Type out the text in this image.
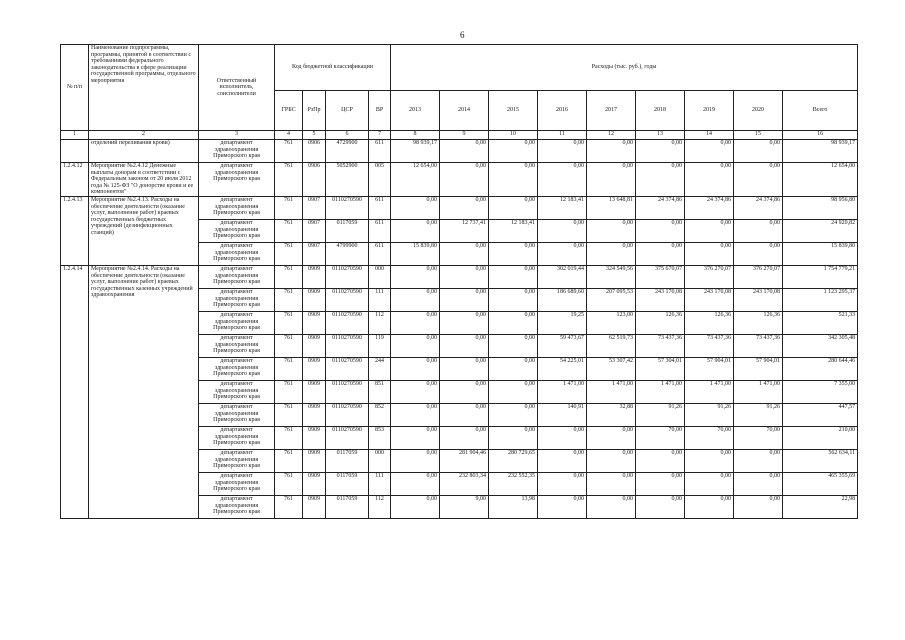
6
№ п/п	Наименование подпрограммы, программы, принятой в соответствии с требованиями федерального законодательства в сфере реализации государственной программы, отдельного мероприятия	Ответственный исполнитель, соисполнители	Код бюджетной классификации				Расходы (тыс. руб.), годы								
			ГРБС	РзПр	ЦСР	ВР	2013	2014	2015	2016	2017	2018	2019	2020	Всего
1	2	3	4	5	6	7	8	9	10	11	12	13	14	15	16
	отделений переливания крови)	департамент здравоохранения Приморского края	761	0906	4729900	611	98 939,17	0,00	0,00	0,00	0,00	0,00	0,00	0,00	98 939,17
1.2.4.12	Мероприятие №2.4.12 Денежные выплаты донорам в соответствии с Федеральным законом от 20 июля 2012 года № 125-ФЗ "О донорстве крови и ее компонентов"	департамент здравоохранения Приморского края	761	0906	5052900	005	12 654,00	0,00	0,00	0,00	0,00	0,00	0,00	0,00	12 654,00
1.2.4.13	Мероприятие №2.4.13. Расходы на обеспечение деятельности (оказание услуг, выполнение работ) краевых государственных бюджетных учреждений (дезинфекционных станций)	департамент здравоохранения Приморского края	761	0907	0110270590	611	0,00	0,00	0,00	12 183,41	13 648,81	24 374,86	24 374,86	24 374,86	98 956,80
		департамент здравоохранения Приморского края	761	0907	0117059	611	0,00	12 737,41	12 183,41	0,00	0,00	0,00	0,00	0,00	24 920,82
		департамент здравоохранения Приморского края	761	0907	4799900	611	15 839,80	0,00	0,00	0,00	0,00	0,00	0,00	0,00	15 839,80
1.2.4.14	Мероприятие №2.4.14. Расходы на обеспечение деятельности (оказание услуг, выполнение работ) краевых государственных казенных учреждений здравоохранения	департамент здравоохранения Приморского края	761	0909	0110270590	000	0,00	0,00	0,00	302 019,44	324 549,56	375 670,07	376 270,07	376 270,07	1 754 779,21
		департамент здравоохранения Приморского края	761	0909	0110270590	111	0,00	0,00	0,00	186 689,60	207 095,53	243 170,08	243 170,08	243 170,08	1 123 295,37
		департамент здравоохранения Приморского края	761	0909	0110270590	112	0,00	0,00	0,00	19,25	123,00	126,36	126,36	126,36	521,33
		департамент здравоохранения Приморского края	761	0909	0110270590	119	0,00	0,00	0,00	59 473,67	62 519,73	73 437,36	73 437,36	73 437,36	342 305,48
		департамент здравоохранения Приморского края	761	0909	0110270590	244	0,00	0,00	0,00	54 225,01	53 307,42	57 304,01	57 904,01	57 904,01	280 644,46
		департамент здравоохранения Приморского края	761	0909	0110270590	851	0,00	0,00	0,00	1 471,00	1 471,00	1 471,00	1 471,00	1 471,00	7 355,00
		департамент здравоохранения Приморского края	761	0909	0110270590	852	0,00	0,00	0,00	140,91	32,88	91,26	91,26	91,26	447,57
		департамент здравоохранения Приморского края	761	0909	0110270590	853	0,00	0,00	0,00	0,00	0,00	70,00	70,00	70,00	210,00
		департамент здравоохранения Приморского края	761	0909	0117059	000	0,00	281 904,46	280 729,65	0,00	0,00	0,00	0,00	0,00	562 634,11
		департамент здравоохранения Приморского края	761	0909	0117059	111	0,00	232 803,34	232 552,35	0,00	0,00	0,00	0,00	0,00	465 355,69
		департамент здравоохранения Приморского края	761	0909	0117059	112	0,00	9,00	13,98	0,00	0,00	0,00	0,00	0,00	22,98
